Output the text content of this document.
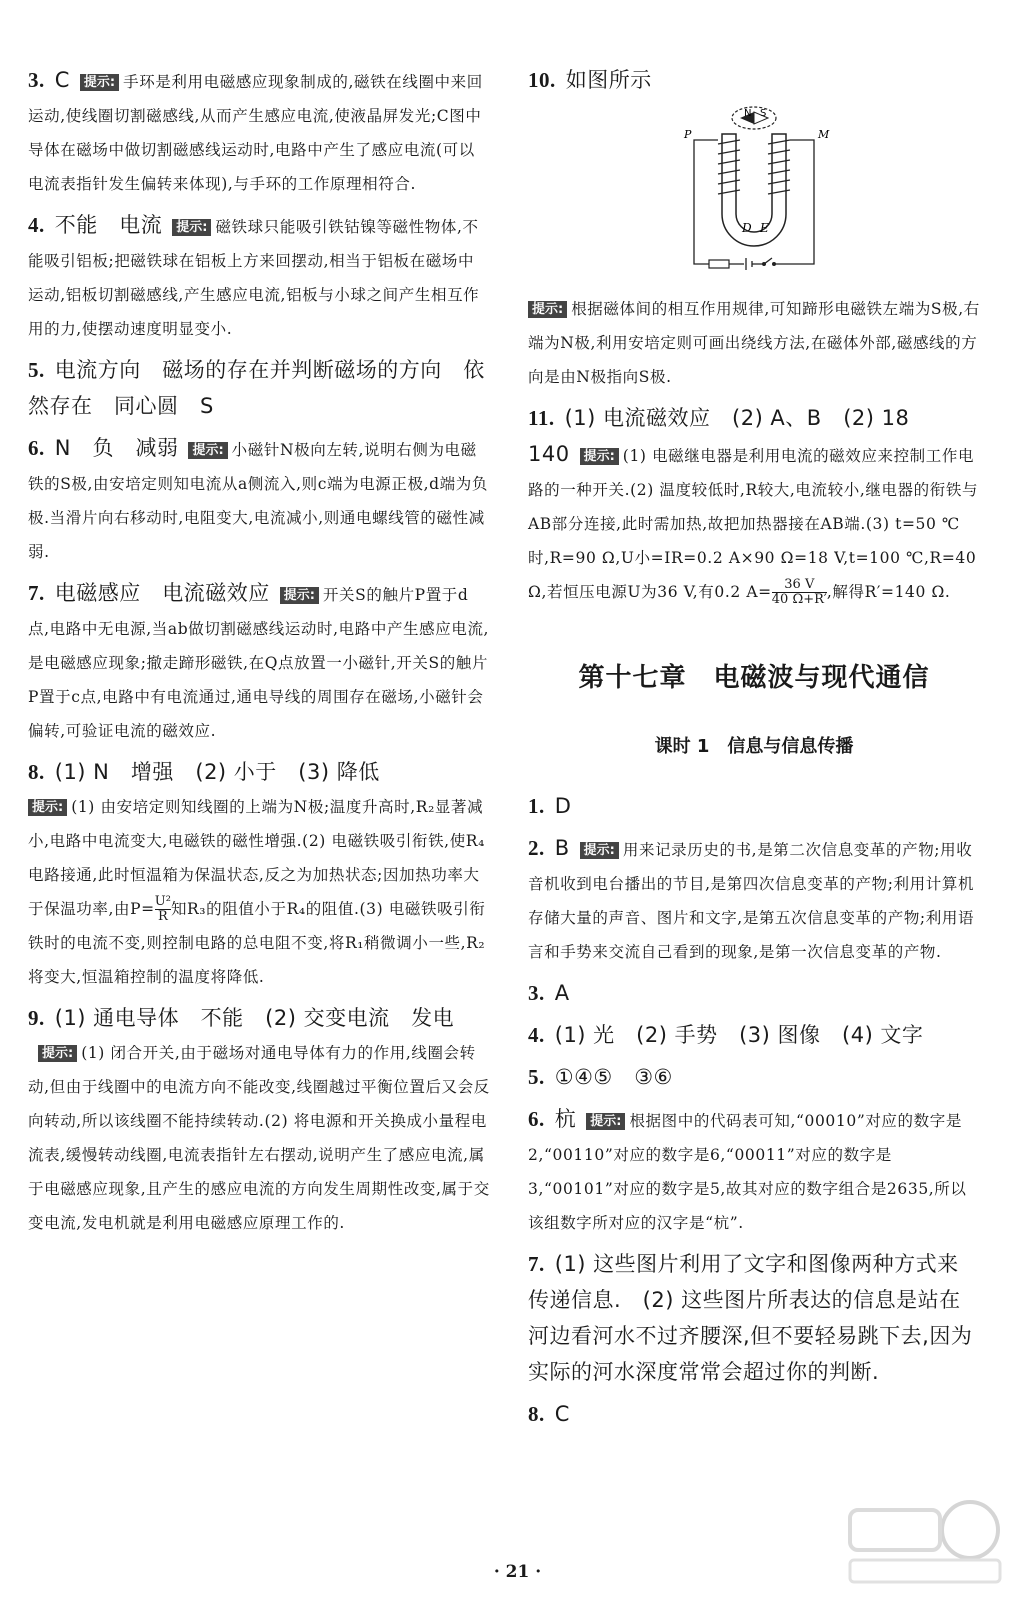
3. C 提示: 手环是利用电磁感应现象制成的,磁铁在线圈中来回运动,使线圈切割磁感线,从而产生感应电流,使液晶屏发光;C图中导体在磁场中做切割磁感线运动时,电路中产生了感应电流(可以电流表指针发生偏转来体现),与手环的工作原理相符合.
4. 不能　电流 提示: 磁铁球只能吸引铁钴镍等磁性物体,不能吸引铝板;把磁铁球在铝板上方来回摆动,相当于铝板在磁场中运动,铝板切割磁感线,产生感应电流,铝板与小球之间产生相互作用的力,使摆动速度明显变小.
5. 电流方向　磁场的存在并判断磁场的方向　依然存在　同心圆　S
6. N　负　减弱 提示: 小磁针N极向左转,说明右侧为电磁铁的S极,由安培定则知电流从a侧流入,则c端为电源正极,d端为负极.当滑片向右移动时,电阻变大,电流减小,则通电螺线管的磁性减弱.
7. 电磁感应　电流磁效应 提示: 开关S的触片P置于d点,电路中无电源,当ab做切割磁感线运动时,电路中产生感应电流,是电磁感应现象;撤走蹄形磁铁,在Q点放置一小磁针,开关S的触片P置于c点,电路中有电流通过,通电导线的周围存在磁场,小磁针会偏转,可验证电流的磁效应.
8. (1) N　增强　(2) 小于　(3) 降低
提示: (1) 由安培定则知线圈的上端为N极;温度升高时,R₂显著减小,电路中电流变大,电磁铁的磁性增强.(2) 电磁铁吸引衔铁,使R₄电路接通,此时恒温箱为保温状态,反之为加热状态;因加热功率大于保温功率,由$P= \frac{\text{U²}}{R}$ 知R₃的阻值小于R₄的阻值.(3) 电磁铁吸引衔铁时的电流不变,则控制电路的总电阻不变,将R₁稍微调小一些,R₂将变大,恒温箱控制的温度将降低.
9. (1) 通电导体　不能　(2) 交变电流　发电提示: (1) 闭合开关,由于磁场对通电导体有力的作用,线圈会转动,但由于线圈中的电流方向不能改变,线圈越过平衡位置后又会反向转动,所以该线圈不能持续转动.(2) 将电源和开关换成小量程电流表,缓慢转动线圈,电流表指针左右摆动,说明产生了感应电流,属于电磁感应现象,且产生的感应电流的方向发生周期性改变,属于交变电流,发电机就是利用电磁感应原理工作的.
10. 如图所示
N S
P	M
D E
提示: 根据磁体间的相互作用规律,可知蹄形电磁铁左端为S极,右端为N极,利用安培定则可画出绕线方法,在磁体外部,磁感线的方向是由N极指向S极.
11. (1) 电流磁效应　(2) A、B　(2) 18
140 提示: (1) 电磁继电器是利用电流的磁效应来控制工作电路的一种开关.(2) 温度较低时,R较大,电流较小,继电器的衔铁与AB部分连接,此时需加热,故把加热器接在AB端.(3) t=50 ℃时,R=90 Ω,U小=IR=0.2 A×90 Ω=18 V,t=100 ℃,R=40 Ω,若恒压电源U为36 V,有0.2 $A= \frac{36 V}{40 \Omega+R'}$ ,解得R′=140 Ω.
第十七章　电磁波与现代通信
课时 1　信息与信息传播
1. D
2. B 提示: 用来记录历史的书,是第二次信息变革的产物;用收音机收到电台播出的节目,是第四次信息变革的产物;利用计算机存储大量的声音、图片和文字,是第五次信息变革的产物;利用语言和手势来交流自己看到的现象,是第一次信息变革的产物.
3. A
4. (1) 光　(2) 手势　(3) 图像　(4) 文字
5. ①④⑤　③⑥
6. 杭 提示: 根据图中的代码表可知,“00010”对应的数字是2,“00110”对应的数字是6,“00011”对应的数字是3,“00101”对应的数字是5,故其对应的数字组合是2635,所以该组数字所对应的汉字是“杭”.
7. (1) 这些图片利用了文字和图像两种方式来传递信息.　(2) 这些图片所表达的信息是站在河边看河水不过齐腰深,但不要轻易跳下去,因为实际的河水深度常常会超过你的判断.
8. C
· 21 ·
